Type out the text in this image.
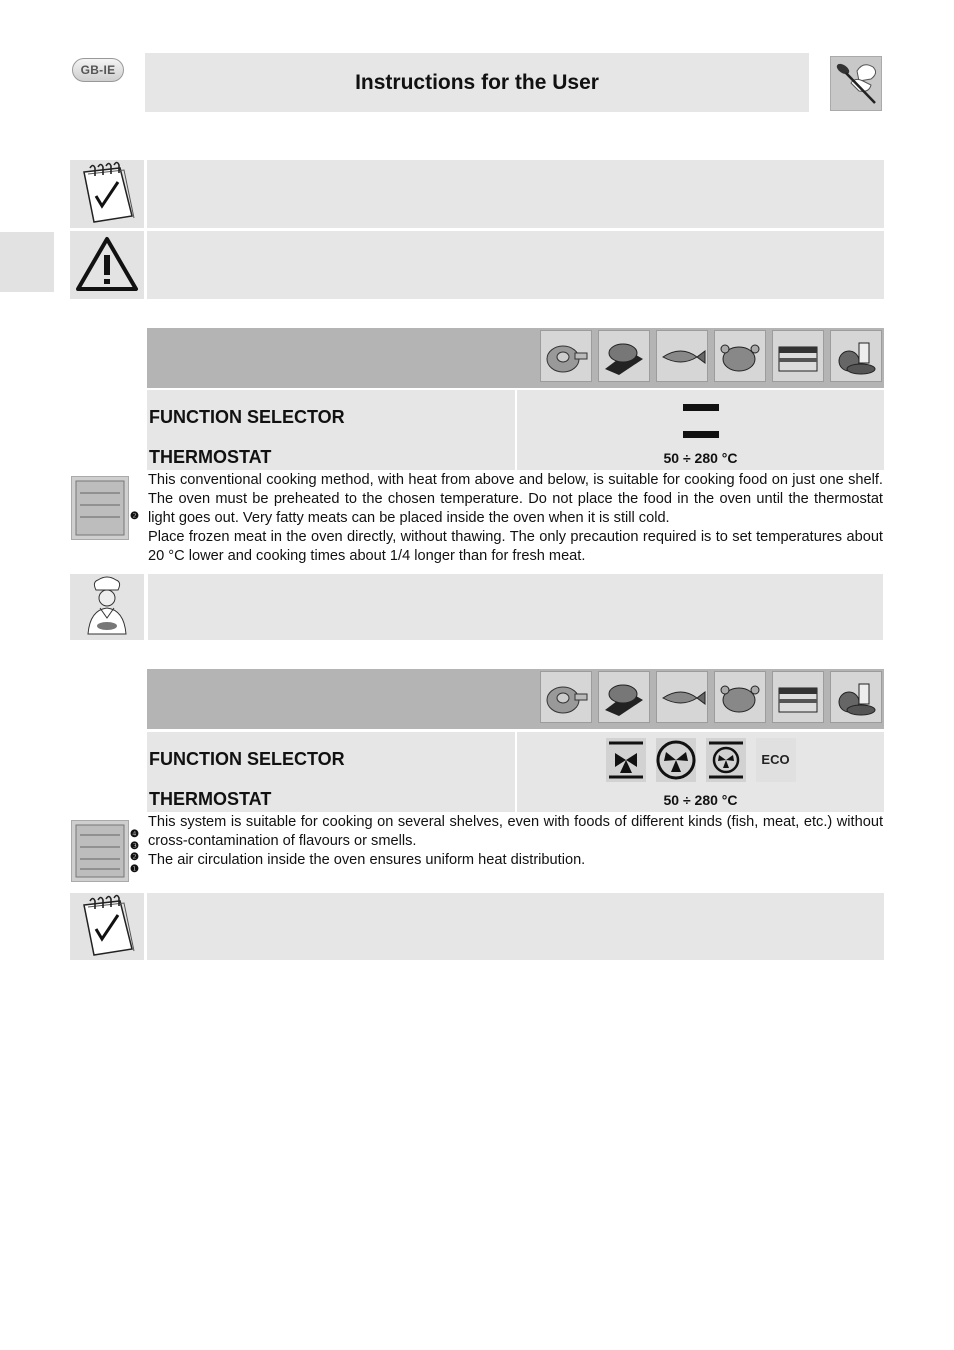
GB-IE
Instructions for the User
FUNCTION SELECTOR
THERMOSTAT	50 ÷ 280 °C
❷

This conventional cooking method, with heat from above and below, is suitable for cooking food on just one shelf. The oven must be preheated to the chosen temperature. Do not place the food in the oven until the thermostat light goes out. Very fatty meats can be placed inside the oven when it is still cold.

Place frozen meat in the oven directly, without thawing. The only precaution required is to set temperatures about 20 °C lower and cooking times about 1/4 longer than for fresh meat.

FUNCTION SELECTOR	ECO
THERMOSTAT	50 ÷ 280 °C
❹
❸
❷
❶

This system is suitable for cooking on several shelves, even with foods of different kinds (fish, meat, etc.) without cross-contamination of flavours or smells.

The air circulation inside the oven ensures uniform heat distribution.
